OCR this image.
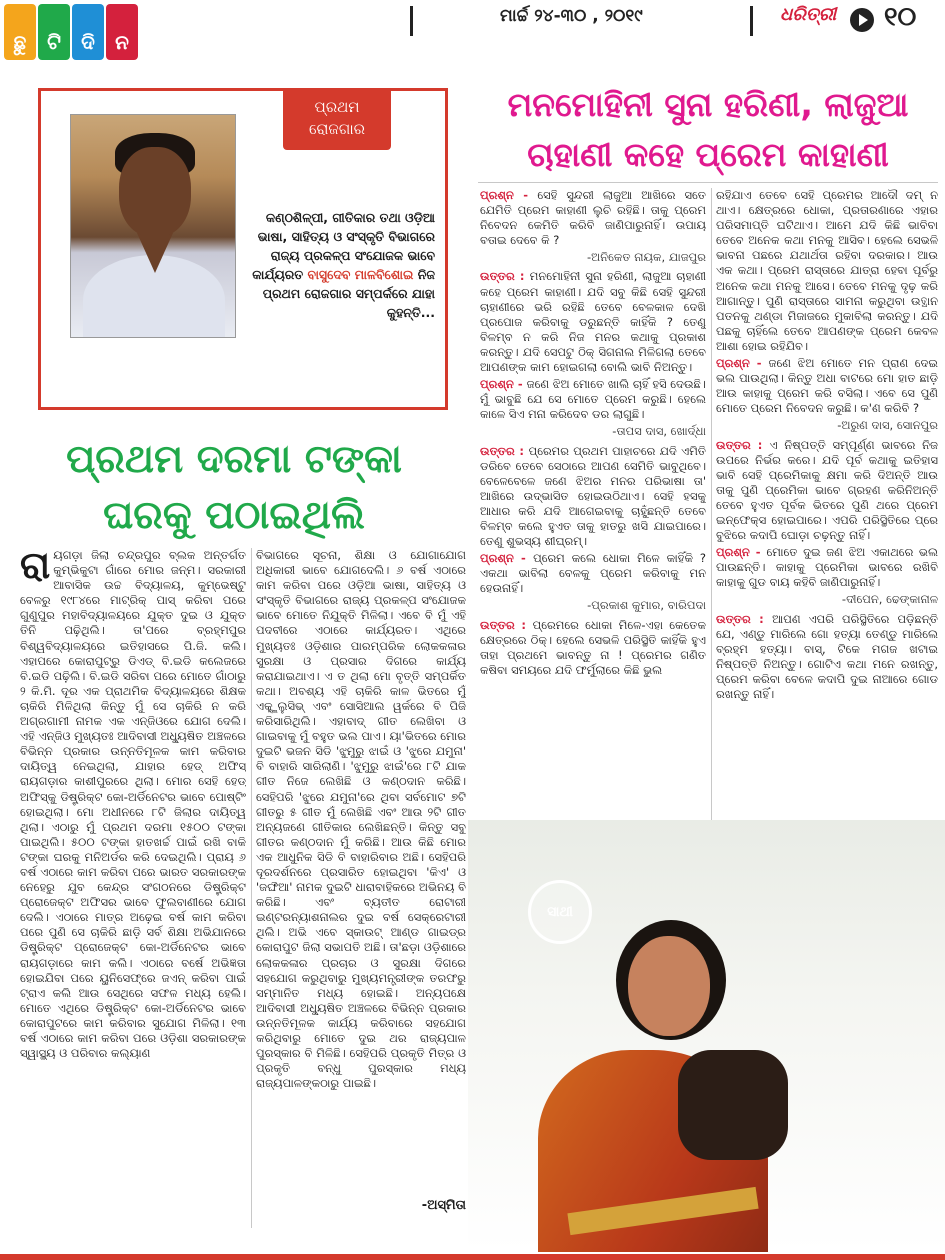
ଛୁ	ଟି	ଦି	ନ
ମାର୍ଚ୍ଚ ୨୪-୩୦ , ୨୦୧୯	ଧରିତ୍ରୀ ୧୦
ପ୍ରଥମ
ରୋଜଗାର
କଣ୍ଠଶିଳ୍ପୀ, ଗୀତିକାର ତଥା ଓଡ଼ିଆ ଭାଷା, ସାହିତ୍ୟ ଓ ସଂସ୍କୃତି ବିଭାଗରେ ରାଜ୍ୟ ପ୍ରକଳ୍ପ ସଂଯୋଜକ ଭାବେ କାର୍ଯ୍ୟରତ ବାସୁଦେବ ମାଳବିଶୋଇ ନିଜ ପ୍ରଥମ ରୋଜଗାର ସମ୍ପର୍କରେ ଯାହା କୁହନ୍ତି...
ପ୍ରଥମ ଦରମା ଟଙ୍କା ଘରକୁ ପଠାଇଥିଲି
ରା ୟଗଡ଼ା ଜିଲା ଚନ୍ଦ୍ରପୁର ବ୍ଲକ ଅନ୍ତର୍ଗତ କୁମ୍ଭିକୁଟା ଗାଁରେ ମୋର ଜନ୍ମ। ସରକାରୀ ଆବାସିକ ଉଚ୍ଚ ବିଦ୍ୟାଳୟ, କୁମ୍ଭେଷ୍ଟୁ ବେଳରୁ ୧୯୮୪ରେ ମାଟ୍ରିକ୍ ପାସ୍ କରିବା ପରେ ଗୁଣୁପୁର ମହାବିଦ୍ୟାଳୟରେ ଯୁକ୍ତ ଦୁଇ ଓ ଯୁକ୍ତ ତିନି ପଢ଼ିଥିଲି। ତା'ପରେ ବ୍ରହ୍ମପୁର ବିଶ୍ୱବିଦ୍ୟାଳୟରେ ଇତିହାସରେ ପି.ଜି. କଲି। ଏହାପରେ କୋରାପୁଟ୍ରୁ ଡିଏଡ୍ ବି.ଇଡି କଲେଜରେ ବି.ଇଡି ପଢ଼ିଲି। ବି.ଇଡି ସରିବା ପରେ ମୋତେ ଗାଁଠାରୁ ୨ କି.ମି. ଦୂର ଏକ ପ୍ରାଥମିକ ବିଦ୍ୟାଳୟରେ ଶିକ୍ଷକ ଚାକିରି ମିଳିଥିଲା କିନ୍ତୁ ମୁଁ ସେ ଚାକିରି ନ କରି ଅଗ୍ରଗାମୀ ନାମକ ଏକ ଏନ୍ଜିଓରେ ଯୋଗ ଦେଲି। ଏହି ଏନ୍ଜିଓ ମୁଖ୍ୟତଃ ଆଦିବାସୀ ଅଧ୍ୟୁଷିତ ଅଞ୍ଚଳରେ ବିଭିନ୍ନ ପ୍ରକାର ଉନ୍ନତିମୂଳକ କାମ କରିବାର ଦାୟିତ୍ୱ ନେଇଥିଲା, ଯାହାର ହେଡ୍ ଅଫିସ୍ ରାୟଗଡ଼ାର କାଶୀପୁରରେ ଥିଲା। ମୋର ସେହି ହେଡ୍ ଅଫିସ୍କୁ ଡିଷ୍ଟ୍ରିକ୍ଟ କୋ-ଅର୍ଡିନେଟର ଭାବେ ପୋଷ୍ଟିଂ ହୋଇଥିଲା। ମୋ ଅଧୀନରେ ୮ଟି ଜିଲାର ଦାୟିତ୍ୱ ଥିଲା। ଏଠାରୁ ମୁଁ ପ୍ରଥମ ଦରମା ୧୫୦୦ ଟଙ୍କା ପାଇଥିଲି। ୫୦୦ ଟଙ୍କା ହାତଖର୍ଚ୍ଚ ପାଇଁ ରଖି ବାକି ଟଙ୍କା ଘରକୁ ମନିଅର୍ଡର କରି ଦେଇଥିଲି। ପ୍ରାୟ ୬ ବର୍ଷ ଏଠାରେ କାମ କରିବା ପରେ ଭାରତ ସରକାରଙ୍କ ନେହେରୁ ଯୁବ କେନ୍ଦ୍ର ସଂଗଠନରେ ଡିଷ୍ଟ୍ରିକ୍ଟ ପ୍ରୋଜେକ୍ଟ ଅଫିସର ଭାବେ ଫୁଲବାଣୀରେ ଯୋଗ ଦେଲି। ଏଠାରେ ମାତ୍ର ଅଢ଼େଇ ବର୍ଷ କାମ କରିବା ପରେ ପୁଣି ସେ ଚାକିରି ଛାଡ଼ି ସର୍ବ ଶିକ୍ଷା ଅଭିଯାନରେ ଡିଷ୍ଟ୍ରିକ୍ଟ ପ୍ରୋଜେକ୍ଟ କୋ-ଅର୍ଡିନେଟର ଭାବେ ରାୟଗଡ଼ାରେ କାମ କଲି। ଏଠାରେ ବର୍ଷେ ଅଭିଜ୍ଞତା ହୋଇଯିବା ପରେ ୟୁନିସେଫ୍ରେ ଜଏନ୍ କରିବା ପାଇଁ ଟ୍ରାଏ କଲି ଆଉ ସେଥିରେ ସଫଳ ମଧ୍ୟ ହେଲି। ମୋତେ ଏଥିରେ ଡିଷ୍ଟ୍ରିକ୍ଟ କୋ-ଅର୍ଡିନେଟର ଭାବେ କୋରାପୁଟରେ କାମ କରିବାର ସୁଯୋଗ ମିଳିଲା। ୧୩ ବର୍ଷ ଏଠାରେ କାମ କରିବା ପରେ ଓଡ଼ିଶା ସରକାରଙ୍କ ସ୍ୱାସ୍ଥ୍ୟ ଓ ପରିବାର କଲ୍ୟାଣ
ବିଭାଗରେ ସୂଚନା, ଶିକ୍ଷା ଓ ଯୋଗାଯୋଗ ଅଧିକାରୀ ଭାବେ ଯୋଗଦେଲି। ୬ ବର୍ଷ ଏଠାରେ କାମ କରିବା ପରେ ଓଡ଼ିଆ ଭାଷା, ସାହିତ୍ୟ ଓ ସଂସ୍କୃତି ବିଭାଗରେ ରାଜ୍ୟ ପ୍ରକଳ୍ପ ସଂଯୋଜକ ଭାବେ ମୋତେ ନିଯୁକ୍ତି ମିଳିଲା। ଏବେ ବି ମୁଁ ଏହି ପଦବୀରେ ଏଠାରେ କାର୍ଯ୍ୟରତ। ଏଥିରେ ମୁଖ୍ୟତଃ ଓଡ଼ିଶାର ପାରମ୍ପରିକ ଲୋକକଳାର ସୁରକ୍ଷା ଓ ପ୍ରସାର ଦିଗରେ କାର୍ଯ୍ୟ କରାଯାଇଥାଏ। ଏ ତ ଥିଲା ମୋ ବୃତ୍ତି ସମ୍ପର୍କିତ କଥା। ଅବଶ୍ୟ ଏହି ଚାକିରି କାଳ ଭିତରେ ମୁଁ ଏକ୍ସ୍କ୍ଲୁସିଭ୍ ଏବଂ ସୋସିଆଲ ୱର୍କରେ ବି ପିଜି କରିସାରିଥିଲି। ଏହାବାଦ୍ ଗୀତ ଲେଖିବା ଓ ଗାଇବାକୁ ମୁଁ ବହୁତ ଭଲ ପାଏ। ୟା'ଭିତରେ ମୋର ଦୁଇଟି ଭଜନ ସିଡି 'ଝୁମୁରୁ ଝାଇଁ ଓ 'ଝୁରେ ଯମୁନା' ବି ବାହାରି ସାରିଲାଣି। 'ଝୁମୁରୁ ଝାଇଁ'ରେ ୮ଟି ଯାକ ଗୀତ ନିଜେ ଲେଖିଛି ଓ କଣ୍ଠଦାନ କରିଛି। ସେହିପରି 'ଝୁରେ ଯମୁନା'ରେ ଥିବା ସର୍ବମୋଟ ୭ଟି ଗୀତରୁ ୫ ଗୀତ ମୁଁ ଲେଖିଛି ଏବଂ ଆଉ ୨ଟି ଗୀତ ଅନ୍ୟଜଣେ ଗୀତିକାର ଲେଖିଛନ୍ତି। କିନ୍ତୁ ସବୁ ଗୀତର କଣ୍ଠଦାନ ମୁଁ କରିଛି। ଆଉ କିଛି ମୋର ଏକ ଆଧୁନିକ ସିଡି ବି ବାହାରିବାର ଅଛି। ସେହିପରି ଦୂରଦର୍ଶନରେ ପ୍ରସାରିତ ହୋଇଥିବା 'କିଏ' ଓ 'ଜଙ୍ଘିଆ' ନାମକ ଦୁଇଟି ଧାରାବାହିକରେ ଅଭିନୟ ବି କରିଛି। ଏବଂ ବ୍ୟତୀତ ରୋଟାରୀ ଇଣ୍ଟରନ୍ୟାଶନାଲର ଦୁଇ ବର୍ଷ ସେକ୍ରେଟାରୀ ଥିଲି। ଅଭି ଏବେ ସ୍କାଉଟ୍ ଆଣ୍ଡ ଗାଇଡ୍ର କୋରାପୁଟ ଜିଲା ସଭାପତି ଅଛି। ତା'ଛଡ଼ା ଓଡ଼ିଶାରେ ଲୋକକଳାର ପ୍ରଚାର ଓ ସୁରକ୍ଷା ଦିଗରେ ସହଯୋଗ କରୁଥିବାରୁ ମୁଖ୍ୟମନ୍ତ୍ରୀଙ୍କ ତରଫରୁ ସମ୍ମାନିତ ମଧ୍ୟ ହୋଇଛି। ଅନ୍ୟପକ୍ଷେ ଆଦିବାସୀ ଅଧ୍ୟୁଷିତ ଅଞ୍ଚଳରେ ବିଭିନ୍ନ ପ୍ରକାର ଉନ୍ନତିମୂଳକ କାର୍ଯ୍ୟ କରିବାରେ ସହଯୋଗ କରିଥିବାରୁ ମୋତେ ଦୁଇ ଥର ରାଜ୍ୟପାଳ ପୁରସ୍କାର ବି ମିଳିଛି। ସେହିପରି ପ୍ରକୃତି ମିତ୍ର ଓ ପ୍ରକୃତି ବନ୍ଧୁ ପୁରସ୍କାର ମଧ୍ୟ ରାଜ୍ୟପାଳଙ୍କଠାରୁ ପାଇଛି।
-ଅସ୍ମିତା
ମନମୋହିନୀ ସୁନା ହରିଣୀ, ଲାଜୁଆ ଚାହାଣୀ କହେ ପ୍ରେମ କାହାଣୀ

ପ୍ରଶ୍ନ - ସେହି ସୁନ୍ଦରୀ ଲାଜୁଆ ଆଖିରେ ସତେ ଯେମିତି ପ୍ରେମ କାହାଣୀ ଲୁଚି ରହିଛି। ତାକୁ ପ୍ରେମ ନିବେଦନ କେମିତି କରିବି ଜାଣିପାରୁନାହିଁ। ଉପାୟ ବତାଇ ଦେବେ କି ?

-ଅନିକେତ ନାୟକ, ଯାଜପୁର

ଉତ୍ତର : ମନମୋହିନୀ ସୁନା ହରିଣୀ, ଲାଜୁଆ ଚାହାଣୀ କହେ ପ୍ରେମ କାହାଣୀ। ଯଦି ସବୁ କିଛି ସେହି ସୁନ୍ଦରୀ ଚାହାଣୀରେ ଭରି ରହିଛି ତେବେ ବେଳକାଳ ଦେଖି ପ୍ରପୋଜ କରିବାକୁ ଡରୁଛନ୍ତି କାହିଁକି ? ତେଣୁ ବିଳମ୍ବ ନ କରି ନିଜ ମନର କଥାକୁ ପ୍ରକାଶ କରନ୍ତୁ। ଯଦି ସେପଟୁ ଠିକ୍ ସିଗନାଲ ମିଳିଗଲା ତେବେ ଆପଣଙ୍କ କାମ ହୋଇଗଲା ବୋଲି ଭାବି ନିଅନ୍ତୁ।

ପ୍ରଶ୍ନ - ଜଣେ ଝିଅ ମୋତେ ଖାଲି ଚାହିଁ ହସି ଦେଉଛି। ମୁଁ ଭାବୁଛି ଯେ ସେ ମୋତେ ପ୍ରେମ କରୁଛି। ହେଲେ କାଳେ ସିଏ ମନା କରିଦେବ ଡର ଲାଗୁଛି।

-ତାପସ ଦାସ, ଖୋର୍ଦ୍ଧା

ଉତ୍ତର : ପ୍ରେମର ପ୍ରଥମ ପାହାଚରେ ଯଦି ଏମିତି ଡରିବେ ତେବେ ସେଠାରେ ଆପଣ ସେମିତି ଭାବୁଥିବେ। ବେଳେବେଳେ ଜଣେ ଝିଅର ମନର ପରିଭାଷା ତା' ଆଖିରେ ଉଦ୍ଭାସିତ ହୋଇଉଠିଥାଏ। ସେହି ହସକୁ ଆଧାର କରି ଯଦି ଆଗେଇବାକୁ ଚାହୁଁଛନ୍ତି ତେବେ ବିଳମ୍ବ କଲେ ହୁଏତ ତାକୁ ହାତରୁ ଖସି ଯାଇପାରେ। ତେଣୁ ଶୁଭସ୍ୟ ଶୀଘ୍ରମ୍।

ପ୍ରଶ୍ନ - ପ୍ରେମ କଲେ ଧୋକା ମିଳେ କାହିଁକି ? ଏକଥା ଭାବିଲା ବେଳକୁ ପ୍ରେମ କରିବାକୁ ମନ ହେଉନାହିଁ।

-ପ୍ରକାଶ କୁମାର, ବାରିପଦା

ଉତ୍ତର : ପ୍ରେମରେ ଧୋକା ମିଳେ-ଏହା କେତେକ କ୍ଷେତ୍ରରେ ଠିକ୍। ହେଲେ ସେଭଳି ପରିସ୍ଥିତି କାହିଁକି ହୁଏ ତାହା ପ୍ରଥମେ ଭାବନ୍ତୁ ନା ! ପ୍ରେମର ଗଣିତ କଷିବା ସମୟରେ ଯଦି ଫର୍ମୁଲାରେ କିଛି ଭୁଲ

ରହିଯାଏ ତେବେ ସେହି ପ୍ରେମର ଆଦୌ ଦମ୍ ନ ଥାଏ। କ୍ଷେତ୍ରରେ ଧୋକା, ପ୍ରତାରଣାରେ ଏହାର ପରିସମାପ୍ତି ଘଟିଥାଏ। ଆମେ ଯଦି କିଛି ଭାବିବା ତେବେ ଅନେକ କଥା ମନକୁ ଆସିବ। ହେଲେ ସେଭଳି ଭାବନା ପଛରେ ଯଥାର୍ଥତା ରହିବା ଦରକାର। ଆଉ ଏକ କଥା। ପ୍ରେମ ରାସ୍ତାରେ ଯାତ୍ରା ହେବା ପୂର୍ବରୁ ଅନେକ କଥା ମନକୁ ଆସେ। ତେବେ ମନକୁ ଦୃଢ଼ କରି ଆଗାନ୍ତୁ। ପୁଣି ରାସ୍ତାରେ ସାମନା କରୁଥିବା ଉତ୍ଥାନ ପତନକୁ ଥଣ୍ଡା ମିଜାଜରେ ମୁକାବିଲା କରନ୍ତୁ। ଯଦି ପଛକୁ ଚାହିଁଲେ ତେବେ ଆପଣଙ୍କ ପ୍ରେମ କେବଳ ଆଶା ହୋଇ ରହିଯିବ।

ପ୍ରଶ୍ନ - ଜଣେ ଝିଅ ମୋତେ ମନ ପ୍ରାଣ ଦେଇ ଭଲ ପାଉଥିଲା। କିନ୍ତୁ ଅଧା ବାଟରେ ମୋ ହାତ ଛାଡ଼ି ଆଉ କାହାକୁ ପ୍ରେମ କରି ବସିଲା। ଏବେ ସେ ପୁଣି ମୋତେ ପ୍ରେମ ନିବେଦନ କରୁଛି। କ'ଣ କରିବି ?

-ଅରୁଣ ଦାସ, ସୋନପୁର

ଉତ୍ତର : ଏ ନିଷ୍ପତ୍ତି ସମ୍ପୂର୍ଣ୍ଣ ଭାବରେ ନିଜ ଉପରେ ନିର୍ଭର କରେ। ଯଦି ପୂର୍ବ କଥାକୁ ଇତିହାସ ଭାବି ସେହି ପ୍ରେମିକାକୁ କ୍ଷମା କରି ଦିଅନ୍ତି ଆଉ ତାକୁ ପୁଣି ପ୍ରେମିକା ଭାବେ ଗ୍ରହଣ କରିନିଅନ୍ତି ତେବେ ହୁଏତ ପୂର୍ବକ ଭିତରେ ପୁଣି ଥରେ ପ୍ରେମ ଇନ୍ଫେକ୍ସ ହୋଇପାରେ। ଏପରି ପରିସ୍ଥିତିରେ ପ୍ରେ ବୁଝିରେ କଦାପି ଘୋଡ଼ା ଚଢ଼ନ୍ତୁ ନାହିଁ।

ପ୍ରଶ୍ନ - ମୋତେ ଦୁଇ ଜଣ ଝିଅ ଏକାଥରେ ଭଲ ପାଉଛନ୍ତି। କାହାକୁ ପ୍ରେମିକା ଭାବରେ ରଖିବି କାହାକୁ ଗୁଡ ବାୟ କହିବି ଜାଣିପାରୁନାହିଁ।

-ଦୀପେନ, ଢେଙ୍କାନାଳ

ଉତ୍ତର : ଆପଣ ଏପରି ପରିସ୍ଥିତିରେ ପଡ଼ିଛନ୍ତି ଯେ, ଏଣ୍ଡୁ ମାରିଲେ ଗୋ ହତ୍ୟା ତେଣ୍ଡୁ ମାରିଲେ ବ୍ରହ୍ମ ହତ୍ୟା। ବାସ୍, ଟିକେ ମଗଜ ଖଟାଇ ନିଷ୍ପତ୍ତି ନିଅନ୍ତୁ। ଗୋଟିଏ କଥା ମନେ ରଖନ୍ତୁ, ପ୍ରେମ କରିବା ବେଳେ କଦାପି ଦୁଇ ନାଆରେ ଗୋଡ ରଖନ୍ତୁ ନାହିଁ।

ସାଥୀ
